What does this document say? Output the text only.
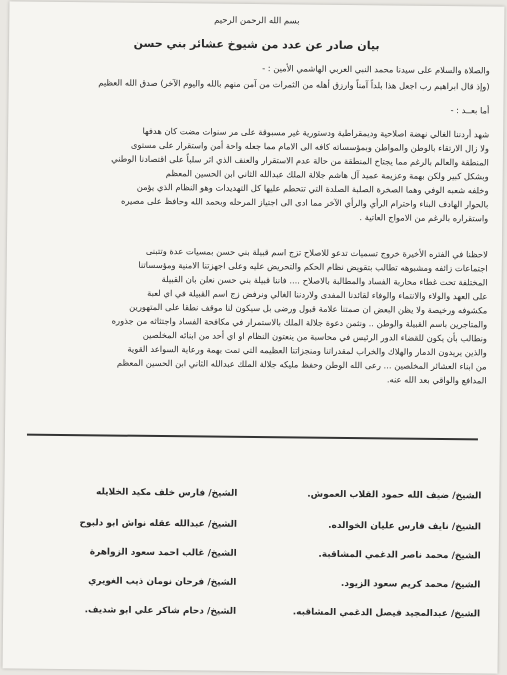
بسم الله الرحمن الرحيم
بيان صادر عن عدد من شيوخ عشائر بني حسن
والصلاة والسلام على سيدنا محمد النبي العربي الهاشمي الأمين : -
(وإذ قال ابراهيم رب اجعل هذا بلداً آمناً وارزق أهله من الثمرات من آمن منهم بالله واليوم الآخر) صدق الله العظيم
أما بعــد : -
شهد أردننا الغالي نهضة اصلاحية وديمقراطية ودستورية غير مسبوقة على مر سنوات مضت كان هدفها
ولا زال الارتقاء بالوطن والمواطن وبمؤسساته كافه الى الامام مما جعله واحة أمن واستقرار على مستوى
المنطقة والعالم بالرغم مما يجتاح المنطقة من حالة عدم الاستقرار والعنف الذي اثر سلباً على اقتصادنا الوطني
وبشكل كبير ولكن بهمة وعزيمة عميد آل هاشم جلالة الملك عبدالله الثاني ابن الحسين المعظم
وخلفه شعبه الوفي وهما الصخرة الصلبة الصلدة التي تتحطم عليها كل التهديدات وهو النظام الذي يؤمن
بالحوار الهادف البناء واحترام الرأي والرأي الآخر مما ادى الى اجتياز المرحله وبحمد الله وحافظ على مصيره
واستقراره بالرغم من الامواج العاتية .
لاحظنا في الفتره الأخيرة خروج تسميات تدعو للاصلاح تزج اسم قبيلة بني حسن بمسيات عدة وتتبنى
اجتماعات زائفه ومشبوهه تطالب بتقويض نظام الحكم والتحريض عليه وعلى اجهزتنا الامنية ومؤسساتنا
المختلفة تحت غطاء محاربة الفساد والمطالبة بالاصلاح .... فاننا قبيلة بني حسن نعلن بان القبيلة
على العهد والولاء والانتماء والوفاء لقائدنا المفدى ولاردننا الغالي ونرفض زج اسم القبيلة في اي لعبة
مكشوفه ورخيصة ولا يظن البعض ان صمتنا علامة قبول ورضى بل سيكون لنا موقف نطقا على المتهورين
والمتاجرين باسم القبيلة والوطن .. ونثمن دعوة جلالة الملك بالاستمرار في مكافحة الفساد واجتثاثه من جذوره
ونطالب بأن يكون للقضاء الدور الرئيس في محاسبة من ينعتون النظام او اي أحد من ابنائه المخلصين
والذين يريدون الدمار والهلاك والخراب لمقدراتنا ومنجزاتنا العظيمه التي تمت بهمة ورعاية السواعد القوية
من ابناء العشائر المخلصين ... رعى الله الوطن وحفظ مليكه جلالة الملك عبدالله الثاني ابن الحسين المعظم
المدافع والواقي بعد الله عنه.
الشيخ/ ضيف الله حمود القلاب العموش.
الشيخ/ نايف فارس عليان الخوالده.
الشيخ/ محمد ناصر الدغمي المشاقبة.
الشيخ/ محمد كريم سعود الزيود.
الشيخ/ عبدالمجيد فيصل الدغمي المشاقبه.
الشيخ/ فارس خلف مكيد الخلايله
الشيخ/ عبدالله عقله نواش ابو دلبوح
الشيخ/ غالب احمد سعود الزواهرة
الشيخ/ فرحان نومان ذيب الغويري
الشيخ/ دحام شاكر علي ابو شديف.
